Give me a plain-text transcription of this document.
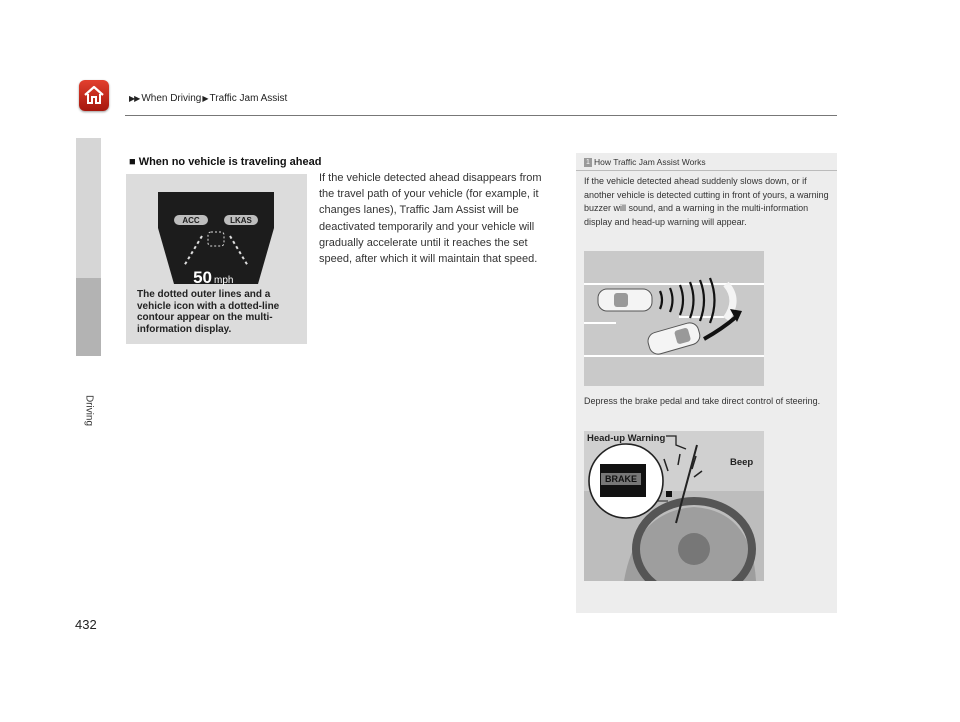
▶▶ When Driving▶Traffic Jam Assist
Driving
432
■ When no vehicle is traveling ahead
If the vehicle detected ahead disappears from the travel path of your vehicle (for example, it changes lanes), Traffic Jam Assist will be deactivated temporarily and your vehicle will gradually accelerate until it reaches the set speed, after which it will maintain that speed.
ACC	LKAS
50 mph
The dotted outer lines and a vehicle icon with a dotted-line contour appear on the multi-information display.
1 How Traffic Jam Assist Works
If the vehicle detected ahead suddenly slows down, or if another vehicle is detected cutting in front of yours, a warning buzzer will sound, and a warning in the multi-information display and head-up warning will appear.
Depress the brake pedal and take direct control of steering.
BRAKE
Head-up Warning
Beep
